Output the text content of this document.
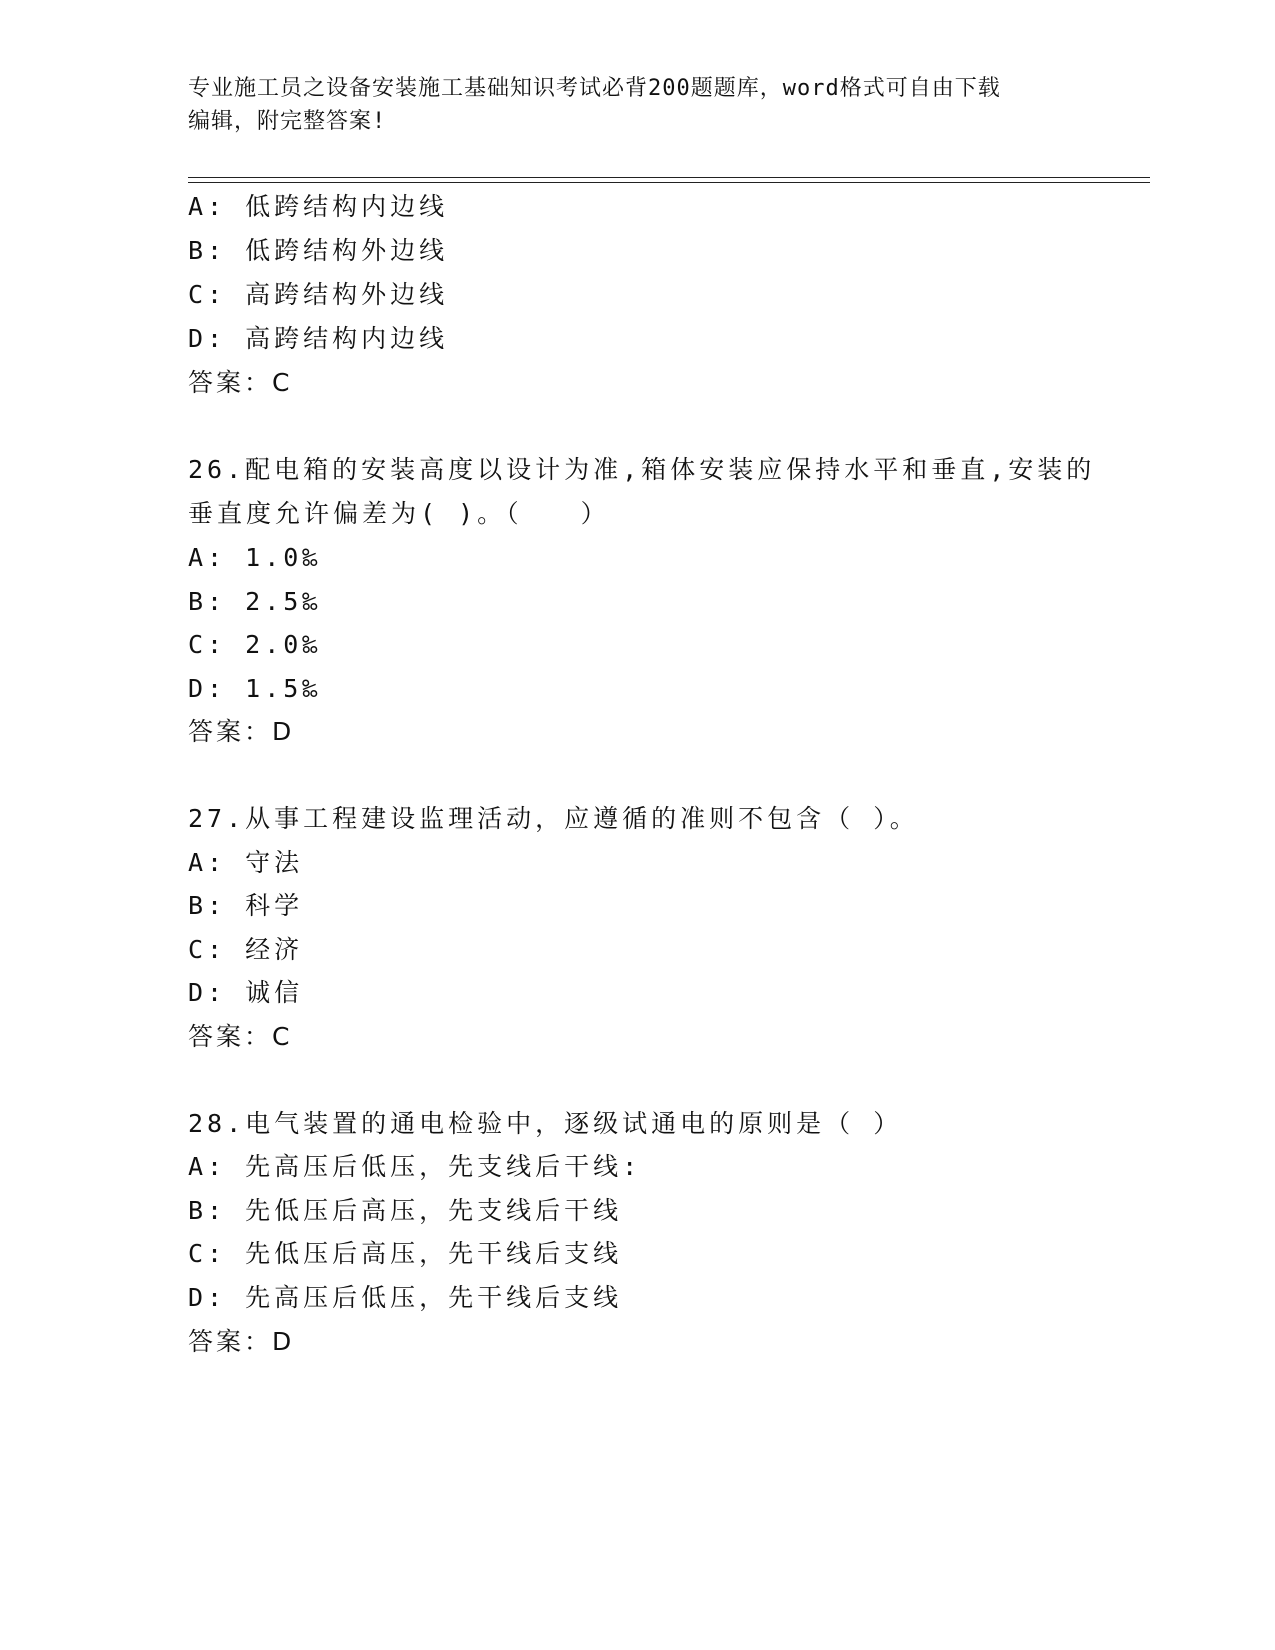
专业施工员之设备安装施工基础知识考试必背200题题库，word格式可自由下载
编辑，附完整答案!
A: 低跨结构内边线
B: 低跨结构外边线
C: 高跨结构外边线
D: 高跨结构内边线
答案：C
26.配电箱的安装高度以设计为准,箱体安装应保持水平和垂直,安装的
垂直度允许偏差为( )。（　　）
A: 1.0‰
B: 2.5‰
C: 2.0‰
D: 1.5‰
答案：D
27.从事工程建设监理活动，应遵循的准则不包含（ ）。
A: 守法
B: 科学
C: 经济
D: 诚信
答案：C
28.电气装置的通电检验中，逐级试通电的原则是（ ）
A: 先高压后低压，先支线后干线:
B: 先低压后高压，先支线后干线
C: 先低压后高压，先干线后支线
D: 先高压后低压，先干线后支线
答案：D
